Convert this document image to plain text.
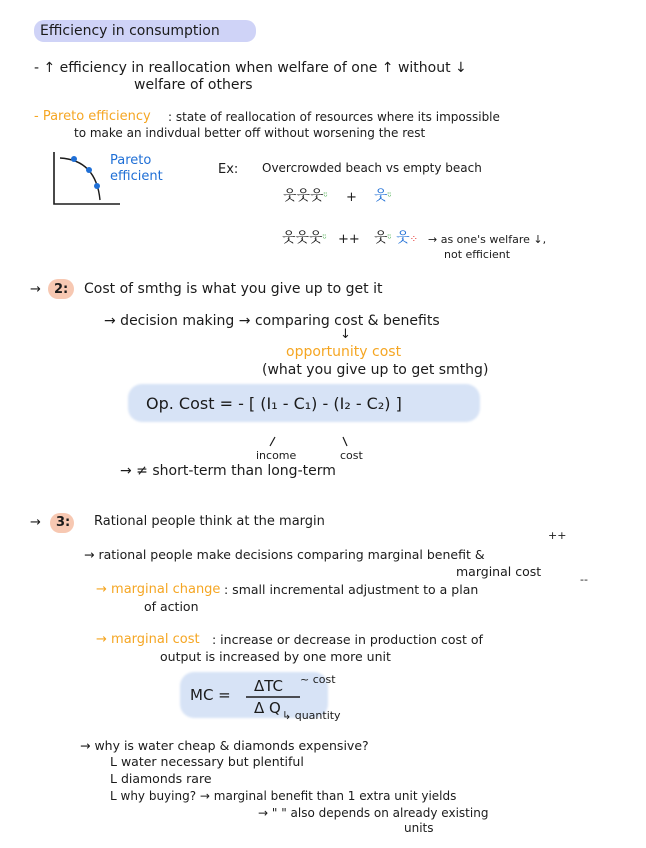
Efficiency in consumption
- ↑ efficiency in reallocation when welfare of one ↑ without ↓
welfare of others
- Pareto efficiency : state of reallocation of resources where its impossible
to make an indivdual better off without worsening the rest
Pareto
efficient	Ex: Overcrowded beach vs empty beach
웃웃웃ᵕ̈ + 웃ᵕ̈
웃웃웃ᵕ̈ ++ 웃ᵕ̈ 웃⁘ → as one's welfare ↓,
not efficient
→ 2: Cost of smthg is what you give up to get it
→ decision making → comparing cost & benefits
↓
opportunity cost
(what you give up to get smthg)
Op. Cost = - [ (I₁ - C₁) - (I₂ - C₂) ]
income	cost
→ ≠ short-term than long-term
→ 3: Rational people think at the margin
++
→ rational people make decisions comparing marginal benefit &
marginal cost
--
→ marginal change : small incremental adjustment to a plan
of action
→ marginal cost : increase or decrease in production cost of
output is increased by one more unit
MC = ΔTC
Δ Q
~ cost
↳ quantity
→ why is water cheap & diamonds expensive?
L water necessary but plentiful
L diamonds rare
L why buying? → marginal benefit than 1 extra unit yields
→ " " also depends on already existing
units
